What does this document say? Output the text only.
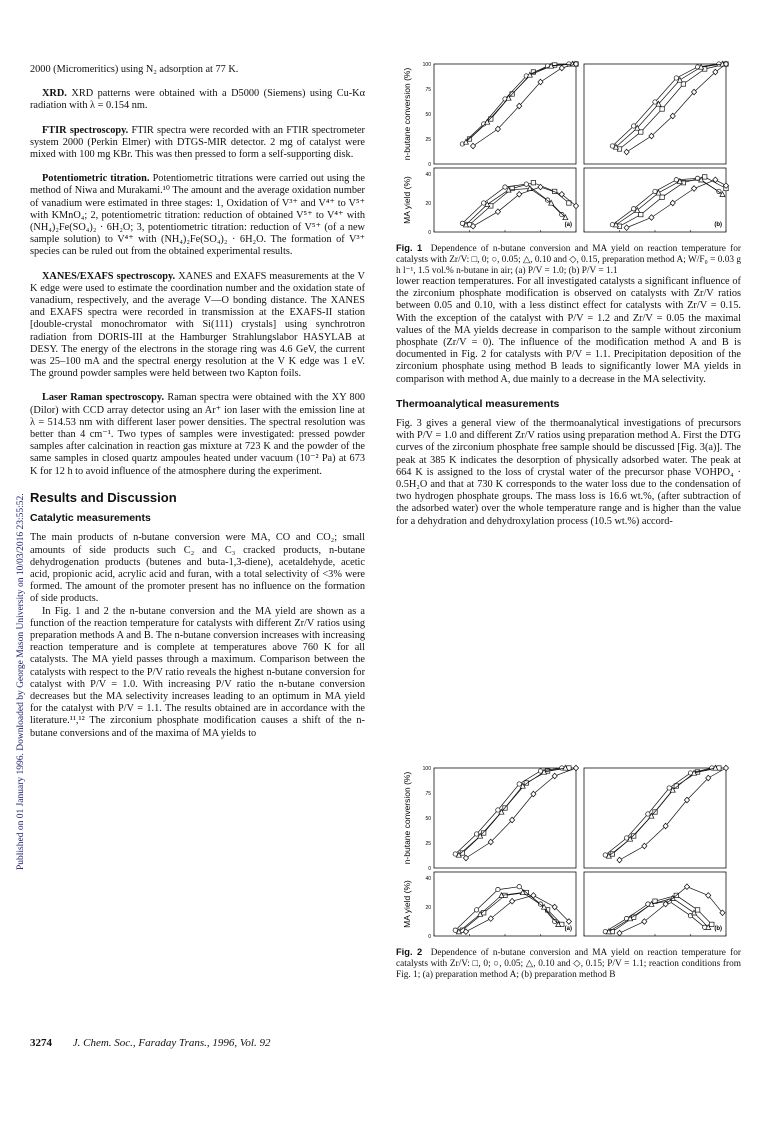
Published on 01 January 1996. Downloaded by George Mason University on 10/03/2016 23:55:52.

2000 (Micromeritics) using N₂ adsorption at 77 K.

XRD. XRD patterns were obtained with a D5000 (Siemens) using Cu-Kα radiation with λ = 0.154 nm.

FTIR spectroscopy. FTIR spectra were recorded with an FTIR spectrometer system 2000 (Perkin Elmer) with DTGS-MIR detector. 2 mg of catalyst were mixed with 100 mg KBr. This was then pressed to form a self-supporting disk.

Potentiometric titration. Potentiometric titrations were carried out using the method of Niwa and Murakami.¹⁰ The amount and the average oxidation number of vanadium were estimated in three stages: 1, Oxidation of V³⁺ and V⁴⁺ to V⁵⁺ with KMnO₄; 2, potentiometric titration: reduction of obtained V⁵⁺ to V⁴⁺ with (NH₄)₂Fe(SO₄)₂ · 6H₂O; 3, potentiometric titration: reduction of V⁵⁺ (of a new sample solution) to V⁴⁺ with (NH₄)₂Fe(SO₄)₂ · 6H₂O. The formation of V³⁺ species can be ruled out from the obtained experimental results.

XANES/EXAFS spectroscopy. XANES and EXAFS measurements at the V K edge were used to estimate the coordination number and the oxidation state of vanadium, respectively, and the average V—O bonding distance. The XANES and EXAFS spectra were recorded in transmission at the EXAFS-II station [double-crystal monochromator with Si(111) crystals] using synchrotron radiation from DORIS-III at the Hamburger Strahlungslabor HASYLAB at DESY. The energy of the electrons in the storage ring was 4.6 GeV, the current was 25–100 mA and the spectral energy resolution at the V K edge was 1 eV. The ground powder samples were held between two Kapton foils.

Laser Raman spectroscopy. Raman spectra were obtained with the XY 800 (Dilor) with CCD array detector using an Ar⁺ ion laser with the emission line at λ = 514.53 nm with different laser power densities. The spectral resolution was better than 4 cm⁻¹. Two types of samples were investigated: pressed powder samples after calcination in reaction gas mixture at 723 K and the powder of the same samples in closed quartz ampoules heated under vacuum (10⁻² Pa) at 673 K for 12 h to avoid influence of the atmosphere during the experiment.

Results and Discussion
Catalytic measurements

The main products of n-butane conversion were MA, CO and CO₂; small amounts of side products such C₂ and C₃ cracked products, n-butane dehydrogenation products (butenes and buta-1,3-diene), acetaldehyde, acetic acid, propionic acid, acrylic acid and furan, with a total selectivity of <3% were formed. The amount of the promoter present has no influence on the formation of side products.

In Fig. 1 and 2 the n-butane conversion and the MA yield are shown as a function of the reaction temperature for catalysts with different Zr/V ratios using preparation methods A and B. The n-butane conversion increases with increasing reaction temperature and is complete at temperatures above 760 K for all catalysts. The MA yield passes through a maximum. Comparison between the catalysts with respect to the P/V ratio reveals the highest n-butane conversion for catalyst with P/V = 1.0. With increasing P/V ratio the n-butane conversion decreases but the MA selectivity increases leading to an optimum in MA yield for the catalyst with P/V = 1.1. The results obtained are in accordance with the literature.¹¹,¹² The zirconium phosphate modification causes a shift of the n-butane conversions and of the maxima of MA yields to

n-butane conversion (%)
MA yield (%)
100
75
50
25
0
40
20
0
(a)	(b)
Fig. 1 Dependence of n-butane conversion and MA yield on reaction temperature for catalysts with Zr/V: □, 0; ○, 0.05; △, 0.10 and ◇, 0.15, preparation method A; W/F₀ = 0.03 g h l⁻¹, 1.5 vol.% n-butane in air; (a) P/V = 1.0; (b) P/V = 1.1

lower reaction temperatures. For all investigated catalysts a significant influence of the zirconium phosphate modification is observed on catalysts with Zr/V ratios between 0.05 and 0.10, with a less distinct effect for catalysts with Zr/V = 0.15. With the exception of the catalyst with P/V = 1.2 and Zr/V = 0.05 the maximal values of the MA yields decrease in comparison to the sample without zirconium phosphate (Zr/V = 0). The influence of the modification method A and B is documented in Fig. 2 for catalysts with P/V = 1.1. Precipitation deposition of the zirconium phosphate using method B leads to significantly lower MA yields in comparison with method A, due mainly to a decrease in the MA selectivity.

Thermoanalytical measurements

Fig. 3 gives a general view of the thermoanalytical investigations of precursors with P/V = 1.0 and different Zr/V ratios using preparation method A. First the DTG curves of the zirconium phosphate free sample should be discussed [Fig. 3(a)]. The peak at 385 K indicates the desorption of physically adsorbed water. The peak at 664 K is assigned to the loss of crystal water of the precursor phase VOHPO₄ · 0.5H₂O and that at 730 K corresponds to the water loss due to the condensation of two hydrogen phosphate groups. The mass loss is 16.6 wt.%, (after subtraction of the adsorbed water) over the whole temperature range and is higher than the value for a dehydration and dehydroxylation process (10.5 wt.%) accord-

n-butane conversion (%)
MA yield (%)
100
75
50
25
0
40
20
0
(a)	(b)
Fig. 2 Dependence of n-butane conversion and MA yield on reaction temperature for catalysts with Zr/V: □, 0; ○, 0.05; △, 0.10 and ◇, 0.15; P/V = 1.1; reaction conditions from Fig. 1; (a) preparation method A; (b) preparation method B
3274 J. Chem. Soc., Faraday Trans., 1996, Vol. 92
